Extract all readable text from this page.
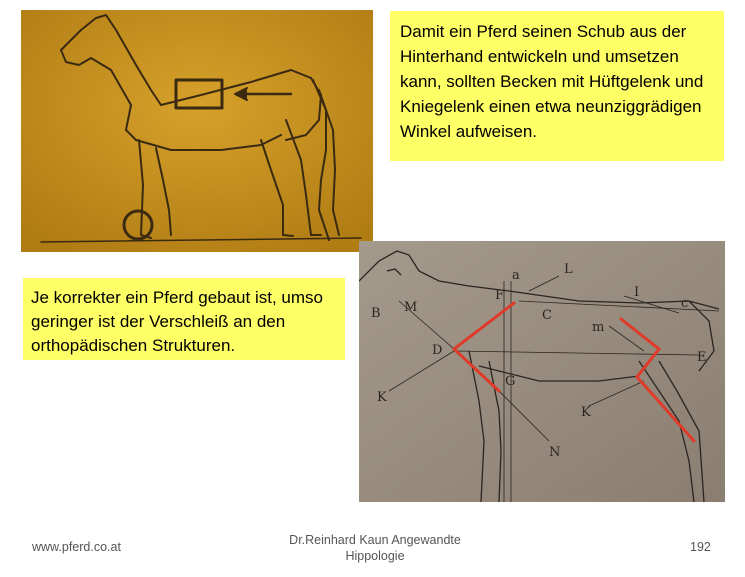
a	L
F
B M
C
I
c
m
D	E
G
K
K
N
Damit ein Pferd seinen Schub aus der Hinterhand entwickeln und umsetzen kann, sollten Becken mit Hüftgelenk und Kniegelenk einen etwa neunziggrädigen Winkel aufweisen.
Je korrekter ein Pferd gebaut ist, umso geringer ist der Verschleiß an den orthopädischen Strukturen.
www.pferd.co.at	Dr.Reinhard Kaun Angewandte
Hippologie
192
